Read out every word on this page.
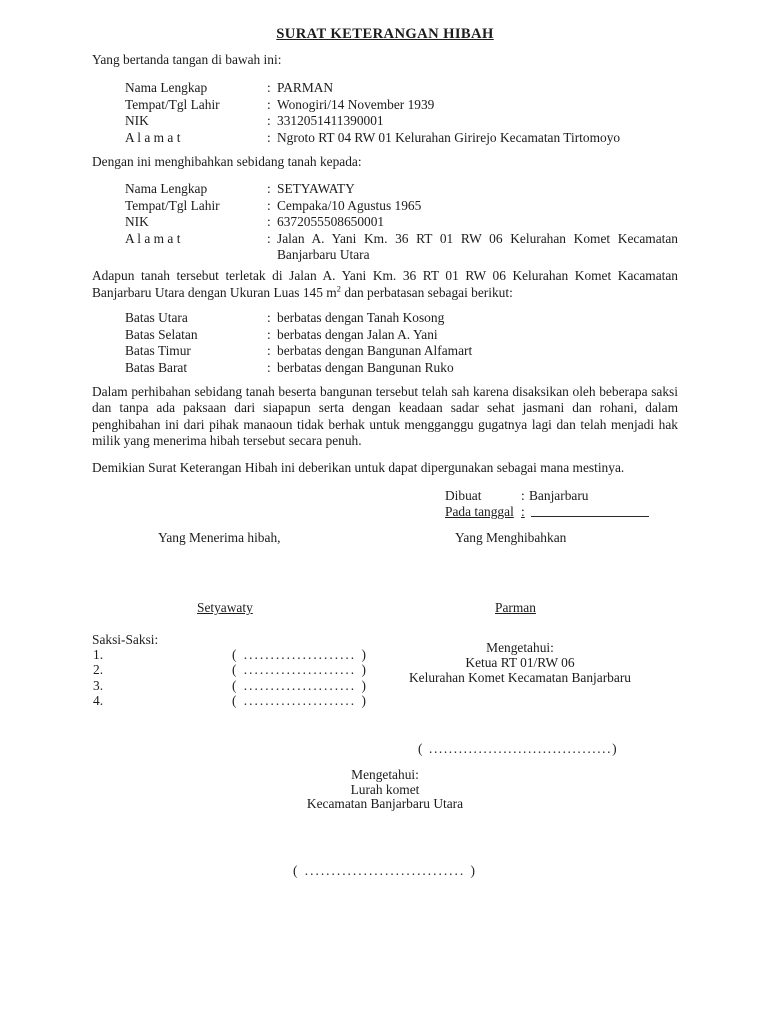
SURAT KETERANGAN HIBAH

Yang bertanda tangan di bawah ini:

Nama Lengkap	: PARMAN
Tempat/Tgl Lahir	: Wonogiri/14 November 1939
NIK	: 3312051411390001
A l a m a t	: Ngroto RT 04 RW 01 Kelurahan Girirejo Kecamatan Tirtomoyo

Dengan ini menghibahkan sebidang tanah kepada:

Nama Lengkap	: SETYAWATY
Tempat/Tgl Lahir	: Cempaka/10 Agustus 1965
NIK	: 6372055508650001
A l a m a t	: Jalan A. Yani Km. 36 RT 01 RW 06 Kelurahan Komet Kecamatan Banjarbaru Utara

Adapun tanah tersebut terletak di Jalan A. Yani Km. 36 RT 01 RW 06 Kelurahan Komet Kacamatan Banjarbaru Utara dengan Ukuran Luas 145 $m^2$ dan perbatasan sebagai berikut:

Batas Utara	: berbatas dengan Tanah Kosong
Batas Selatan	: berbatas dengan Jalan A. Yani
Batas Timur	: berbatas dengan Bangunan Alfamart
Batas Barat	: berbatas dengan Bangunan Ruko

Dalam perhibahan sebidang tanah beserta bangunan tersebut telah sah karena disaksikan oleh beberapa saksi dan tanpa ada paksaan dari siapapun serta dengan keadaan sadar sehat jasmani dan rohani, dalam penghibahan ini dari pihak manaoun tidak berhak untuk mengganggu gugatnya lagi dan telah menjadi hak milik yang menerima hibah tersebut secara penuh.

Demikian Surat Keterangan Hibah ini deberikan untuk dapat dipergunakan sebagai mana mestinya.

Dibuat	: Banjarbaru
Pada tanggal :
Yang Menerima hibah,	Yang Menghibahkan
Setyawaty	Parman
Saksi-Saksi:
1.	( ..................... )
2.	( ..................... )
3.	( ..................... )
4.	( ..................... )
Mengetahui:
Ketua RT 01/RW 06
Kelurahan Komet Kecamatan Banjarbaru
( .....................................)
Mengetahui:
Lurah komet
Kecamatan Banjarbaru Utara
( .............................. )
